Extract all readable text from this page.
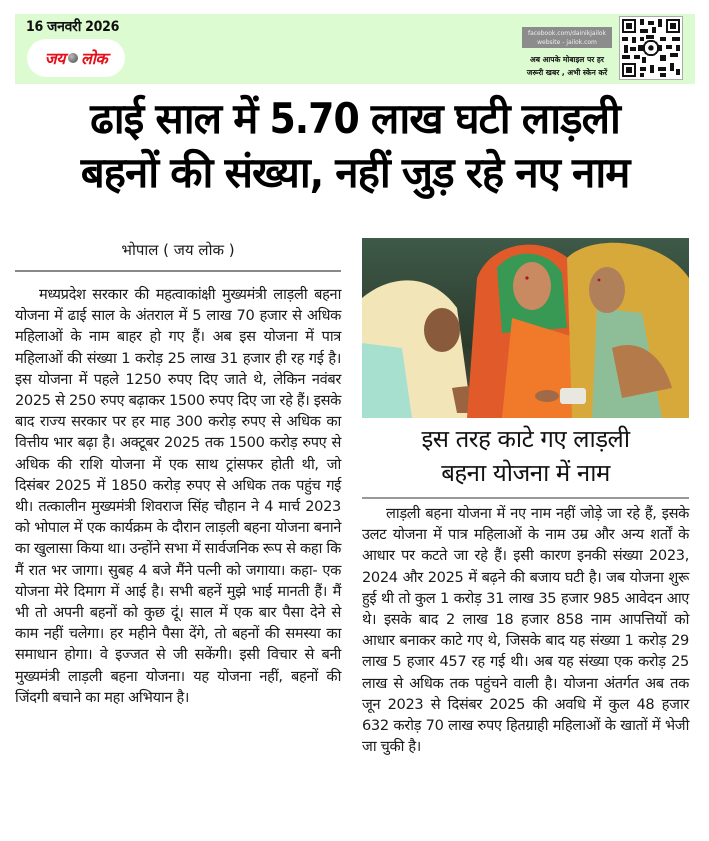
16 जनवरी 2026
जय लोक
facebook.com/dainikjailok
website - jailok.com
अब आपके मोबाइल पर हर
जरूरी खबर , अभी स्केन करें
ढाई साल में 5.70 लाख घटी लाड़ली
बहनों की संख्या, नहीं जुड़ रहे नए नाम
भोपाल ( जय लोक )

मध्यप्रदेश सरकार की महत्वाकांक्षी मुख्यमंत्री लाड़ली बहना योजना में ढाई साल के अंतराल में 5 लाख 70 हजार से अधिक महिलाओं के नाम बाहर हो गए हैं। अब इस योजना में पात्र महिलाओं की संख्या 1 करोड़ 25 लाख 31 हजार ही रह गई है। इस योजना में पहले 1250 रुपए दिए जाते थे, लेकिन नवंबर 2025 से 250 रुपए बढ़ाकर 1500 रुपए दिए जा रहे हैं। इसके बाद राज्य सरकार पर हर माह 300 करोड़ रुपए से अधिक का वित्तीय भार बढ़ा है। अक्टूबर 2025 तक 1500 करोड़ रुपए से अधिक की राशि योजना में एक साथ ट्रांसफर होती थी, जो दिसंबर 2025 में 1850 करोड़ रुपए से अधिक तक पहुंच गई थी। तत्कालीन मुख्यमंत्री शिवराज सिंह चौहान ने 4 मार्च 2023 को भोपाल में एक कार्यक्रम के दौरान लाड़ली बहना योजना बनाने का खुलासा किया था। उन्होंने सभा में सार्वजनिक रूप से कहा कि मैं रात भर जागा। सुबह 4 बजे मैंने पत्नी को जगाया। कहा- एक योजना मेरे दिमाग में आई है। सभी बहनें मुझे भाई मानती हैं। मैं भी तो अपनी बहनों को कुछ दूं। साल में एक बार पैसा देने से काम नहीं चलेगा। हर महीने पैसा देंगे, तो बहनों की समस्या का समाधान होगा। वे इज्जत से जी सकेंगी। इसी विचार से बनी मुख्यमंत्री लाड़ली बहना योजना। यह योजना नहीं, बहनों की जिंदगी बचाने का महा अभियान है।

इस तरह काटे गए लाड़ली
बहना योजना में नाम

लाड़ली बहना योजना में नए नाम नहीं जोड़े जा रहे हैं, इसके उलट योजना में पात्र महिलाओं के नाम उम्र और अन्य शर्तों के आधार पर कटते जा रहे हैं। इसी कारण इनकी संख्या 2023, 2024 और 2025 में बढ़ने की बजाय घटी है। जब योजना शुरू हुई थी तो कुल 1 करोड़ 31 लाख 35 हजार 985 आवेदन आए थे। इसके बाद 2 लाख 18 हजार 858 नाम आपत्तियों को आधार बनाकर काटे गए थे, जिसके बाद यह संख्या 1 करोड़ 29 लाख 5 हजार 457 रह गई थी। अब यह संख्या एक करोड़ 25 लाख से अधिक तक पहुंचने वाली है। योजना अंतर्गत अब तक जून 2023 से दिसंबर 2025 की अवधि में कुल 48 हजार 632 करोड़ 70 लाख रुपए हितग्राही महिलाओं के खातों में भेजी जा चुकी है।
